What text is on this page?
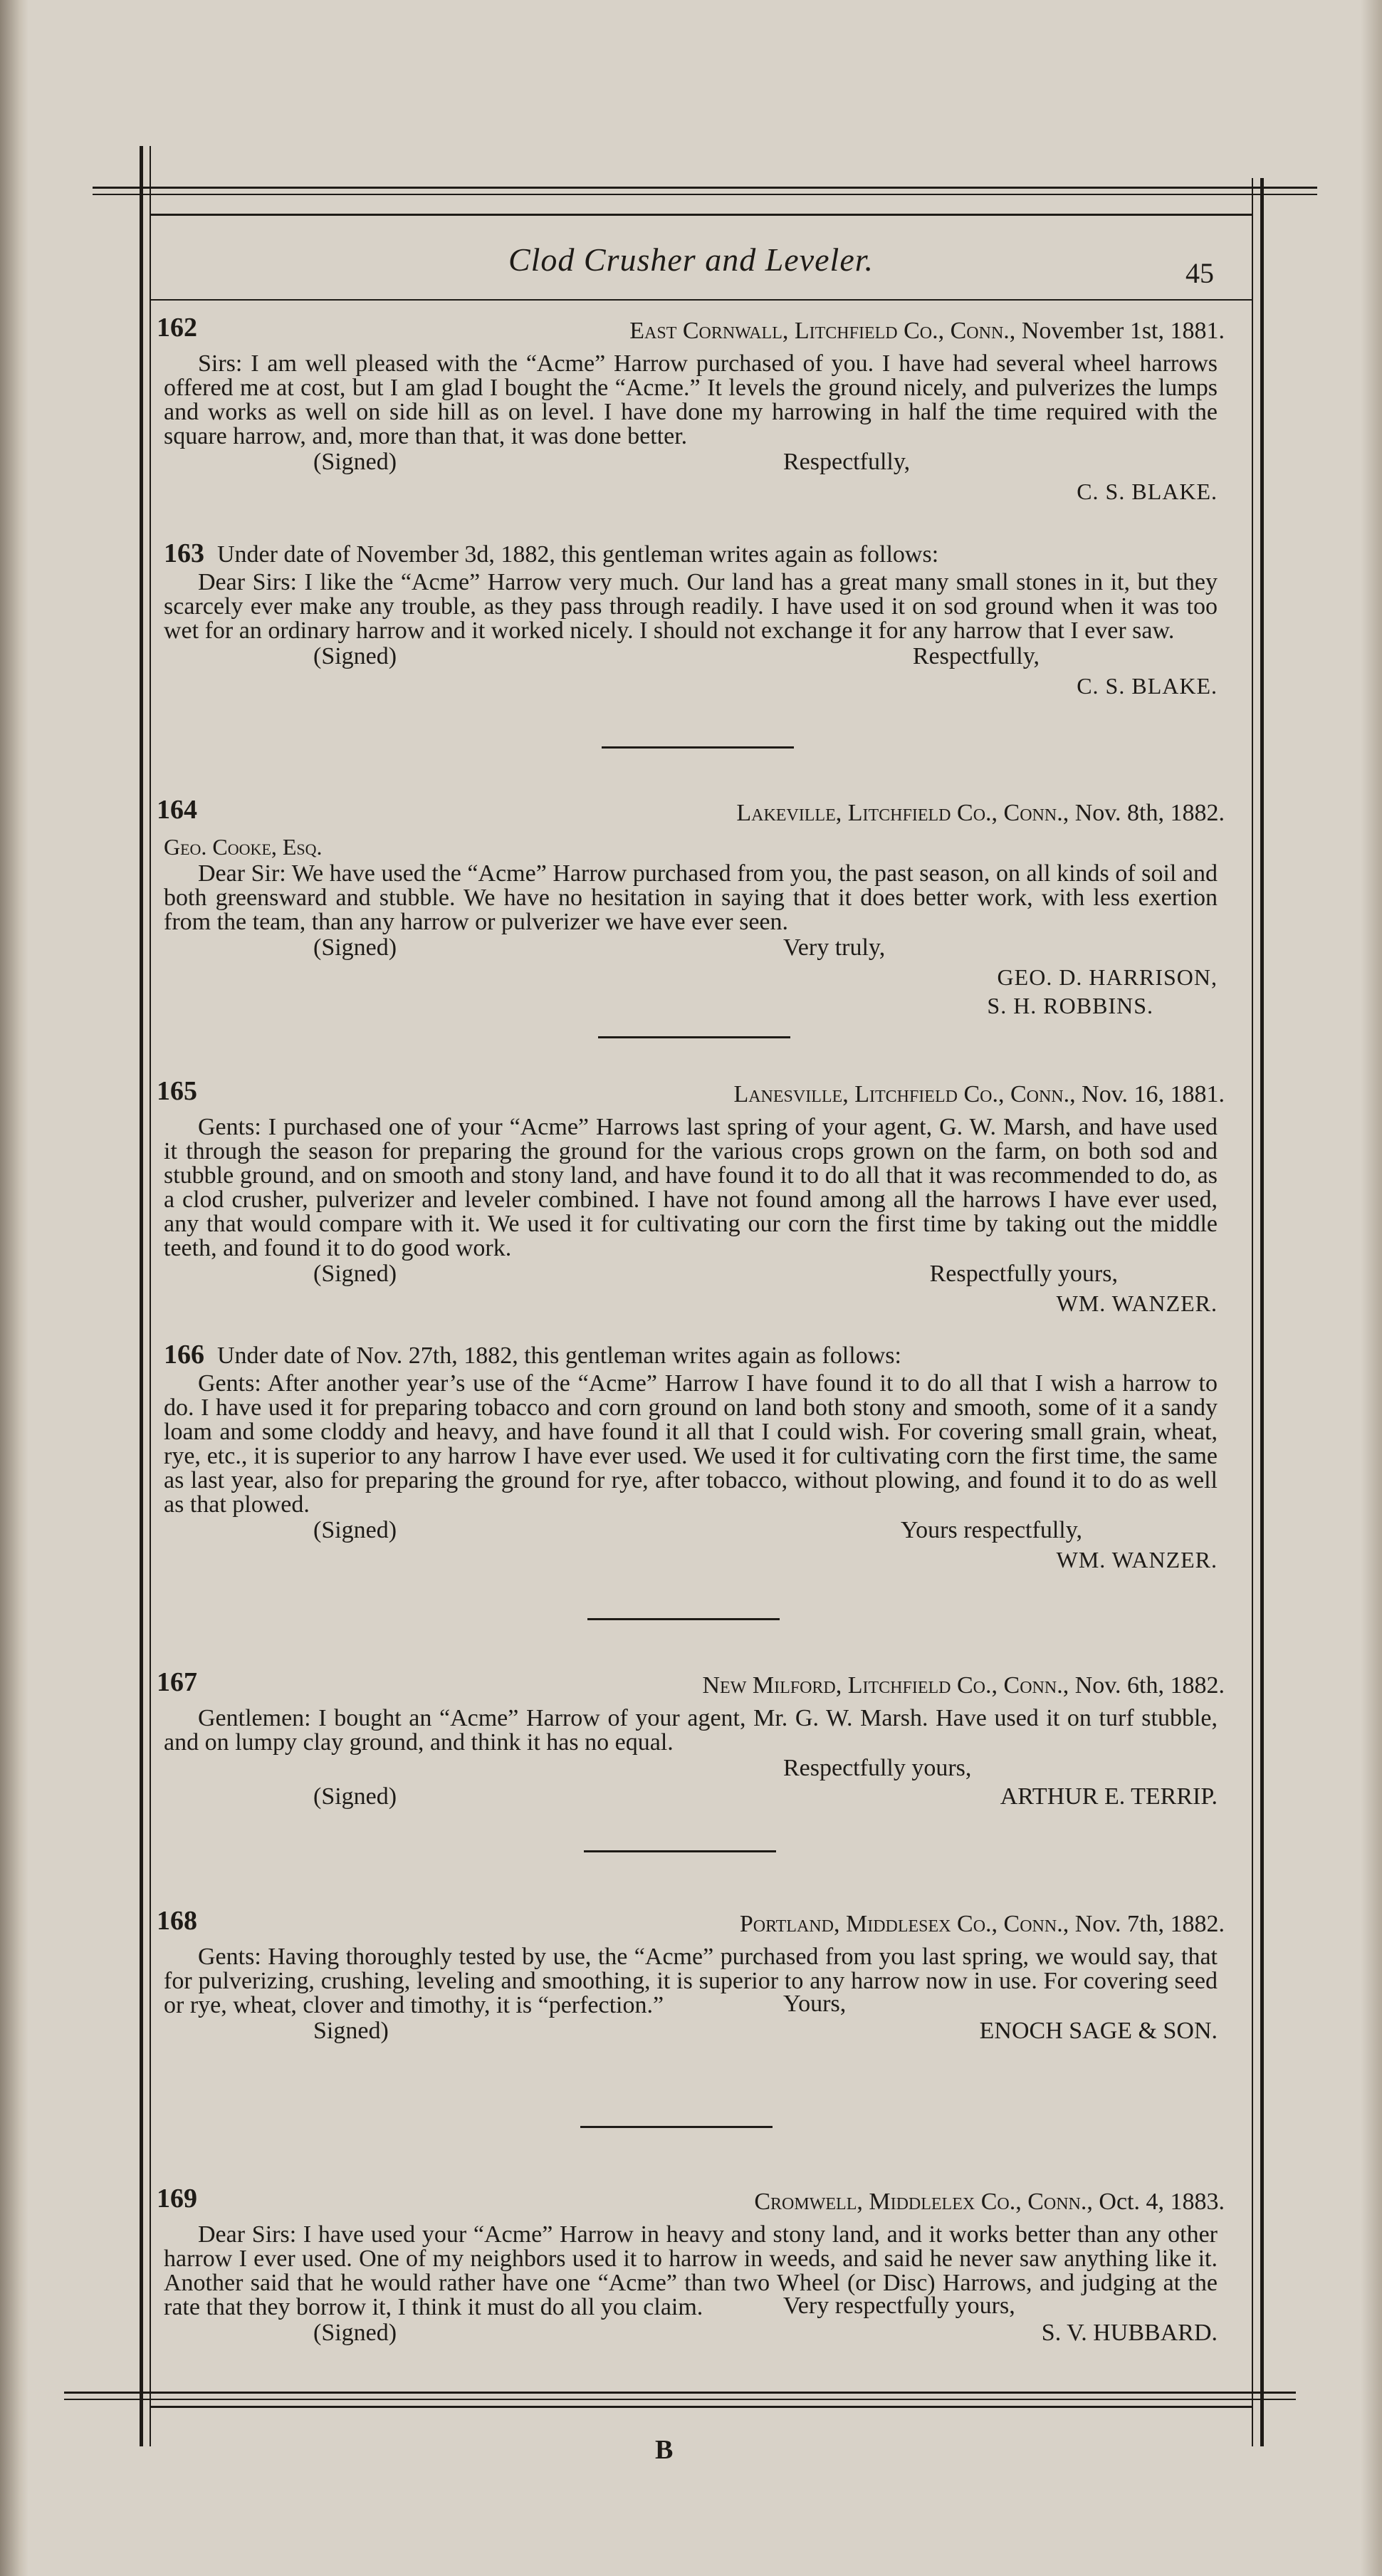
Clod Crusher and Leveler.	45
162	East Cornwall, Litchfield Co., Conn., November 1st, 1881.

Sirs: I am well pleased with the “Acme” Harrow purchased of you. I have had several wheel harrows offered me at cost, but I am glad I bought the “Acme.” It levels the ground nicely, and pulverizes the lumps and works as well on side hill as on level. I have done my harrowing in half the time required with the square harrow, and, more than that, it was done better.

(Signed)	Respectfully,
C. S. BLAKE.
163 Under date of November 3d, 1882, this gentleman writes again as follows:

Dear Sirs: I like the “Acme” Harrow very much. Our land has a great many small stones in it, but they scarcely ever make any trouble, as they pass through readily. I have used it on sod ground when it was too wet for an ordinary harrow and it worked nicely. I should not exchange it for any harrow that I ever saw.

(Signed)	Respectfully,
C. S. BLAKE.
164	Lakeville, Litchfield Co., Conn., Nov. 8th, 1882.
Geo. Cooke, Esq.

Dear Sir: We have used the “Acme” Harrow purchased from you, the past season, on all kinds of soil and both greensward and stubble. We have no hesitation in saying that it does better work, with less exertion from the team, than any harrow or pulverizer we have ever seen.

(Signed)	Very truly,
GEO. D. HARRISON,
S. H. ROBBINS.
165	Lanesville, Litchfield Co., Conn., Nov. 16, 1881.

Gents: I purchased one of your “Acme” Harrows last spring of your agent, G. W. Marsh, and have used it through the season for preparing the ground for the various crops grown on the farm, on both sod and stubble ground, and on smooth and stony land, and have found it to do all that it was recommended to do, as a clod crusher, pulverizer and leveler combined. I have not found among all the harrows I have ever used, any that would compare with it. We used it for cultivating our corn the first time by taking out the middle teeth, and found it to do good work.

(Signed)	Respectfully yours,
WM. WANZER.
166 Under date of Nov. 27th, 1882, this gentleman writes again as follows:

Gents: After another year’s use of the “Acme” Harrow I have found it to do all that I wish a harrow to do. I have used it for preparing tobacco and corn ground on land both stony and smooth, some of it a sandy loam and some cloddy and heavy, and have found it all that I could wish. For covering small grain, wheat, rye, etc., it is superior to any harrow I have ever used. We used it for cultivating corn the first time, the same as last year, also for preparing the ground for rye, after tobacco, without plowing, and found it to do as well as that plowed.

(Signed)	Yours respectfully,
WM. WANZER.
167	New Milford, Litchfield Co., Conn., Nov. 6th, 1882.

Gentlemen: I bought an “Acme” Harrow of your agent, Mr. G. W. Marsh. Have used it on turf stubble, and on lumpy clay ground, and think it has no equal.

Respectfully yours,
(Signed)	ARTHUR E. TERRIP.
168	Portland, Middlesex Co., Conn., Nov. 7th, 1882.

Gents: Having thoroughly tested by use, the “Acme” purchased from you last spring, we would say, that for pulverizing, crushing, leveling and smoothing, it is superior to any harrow now in use. For covering seed or rye, wheat, clover and timothy, it is “perfection.”

Signed)	ENOCH SAGE & SON.
Yours,
169	Cromwell, Middlelex Co., Conn., Oct. 4, 1883.

Dear Sirs: I have used your “Acme” Harrow in heavy and stony land, and it works better than any other harrow I ever used. One of my neighbors used it to harrow in weeds, and said he never saw anything like it. Another said that he would rather have one “Acme” than two Wheel (or Disc) Harrows, and judging at the rate that they borrow it, I think it must do all you claim.

(Signed)	S. V. HUBBARD.
Very respectfully yours,
B
